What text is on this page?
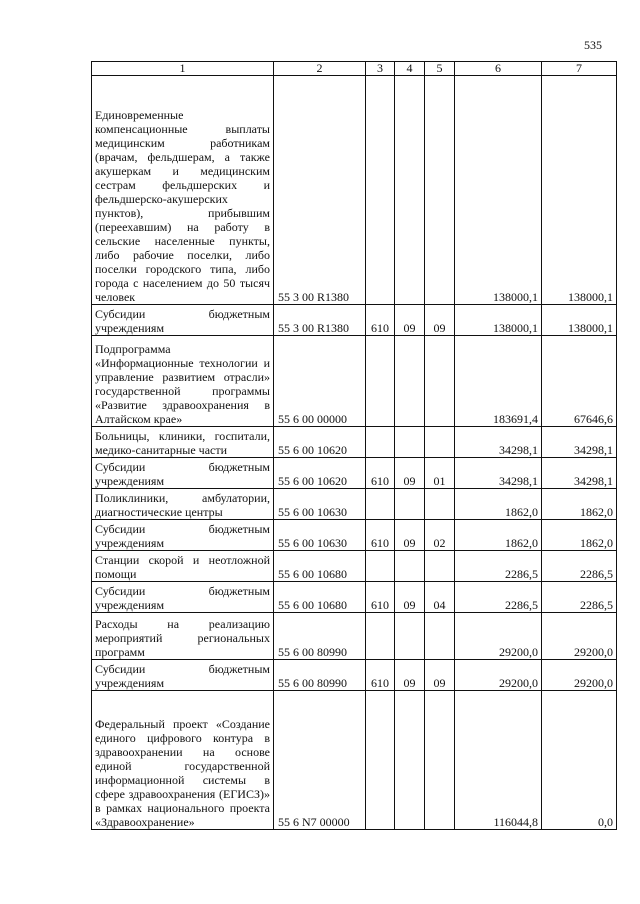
535
1	2	3	4	5	6	7
Единовременные компенсационные выплаты медицинским работникам (врачам, фельдшерам, а также акушеркам и медицинским сестрам фельдшерских и фельдшерско-акушерских пунктов), прибывшим (переехавшим) на работу в сельские населенные пункты, либо рабочие поселки, либо поселки городского типа, либо города с населением до 50 тысяч человек	55 3 00 R1380				138000,1	138000,1
Субсидии бюджетным учреждениям	55 3 00 R1380	610	09	09	138000,1	138000,1
Подпрограмма «Информационные технологии и управление развитием отрасли» государственной программы «Развитие здравоохранения в Алтайском крае»	55 6 00 00000				183691,4	67646,6
Больницы, клиники, госпитали, медико-санитарные части	55 6 00 10620				34298,1	34298,1
Субсидии бюджетным учреждениям	55 6 00 10620	610	09	01	34298,1	34298,1
Поликлиники, амбулатории, диагностические центры	55 6 00 10630				1862,0	1862,0
Субсидии бюджетным учреждениям	55 6 00 10630	610	09	02	1862,0	1862,0
Станции скорой и неотложной помощи	55 6 00 10680				2286,5	2286,5
Субсидии бюджетным учреждениям	55 6 00 10680	610	09	04	2286,5	2286,5
Расходы на реализацию мероприятий региональных программ	55 6 00 80990				29200,0	29200,0
Субсидии бюджетным учреждениям	55 6 00 80990	610	09	09	29200,0	29200,0
Федеральный проект «Создание единого цифрового контура в здравоохранении на основе единой государственной информационной системы в сфере здравоохранения (ЕГИСЗ)» в рамках национального проекта «Здравоохранение»	55 6 N7 00000				116044,8	0,0
